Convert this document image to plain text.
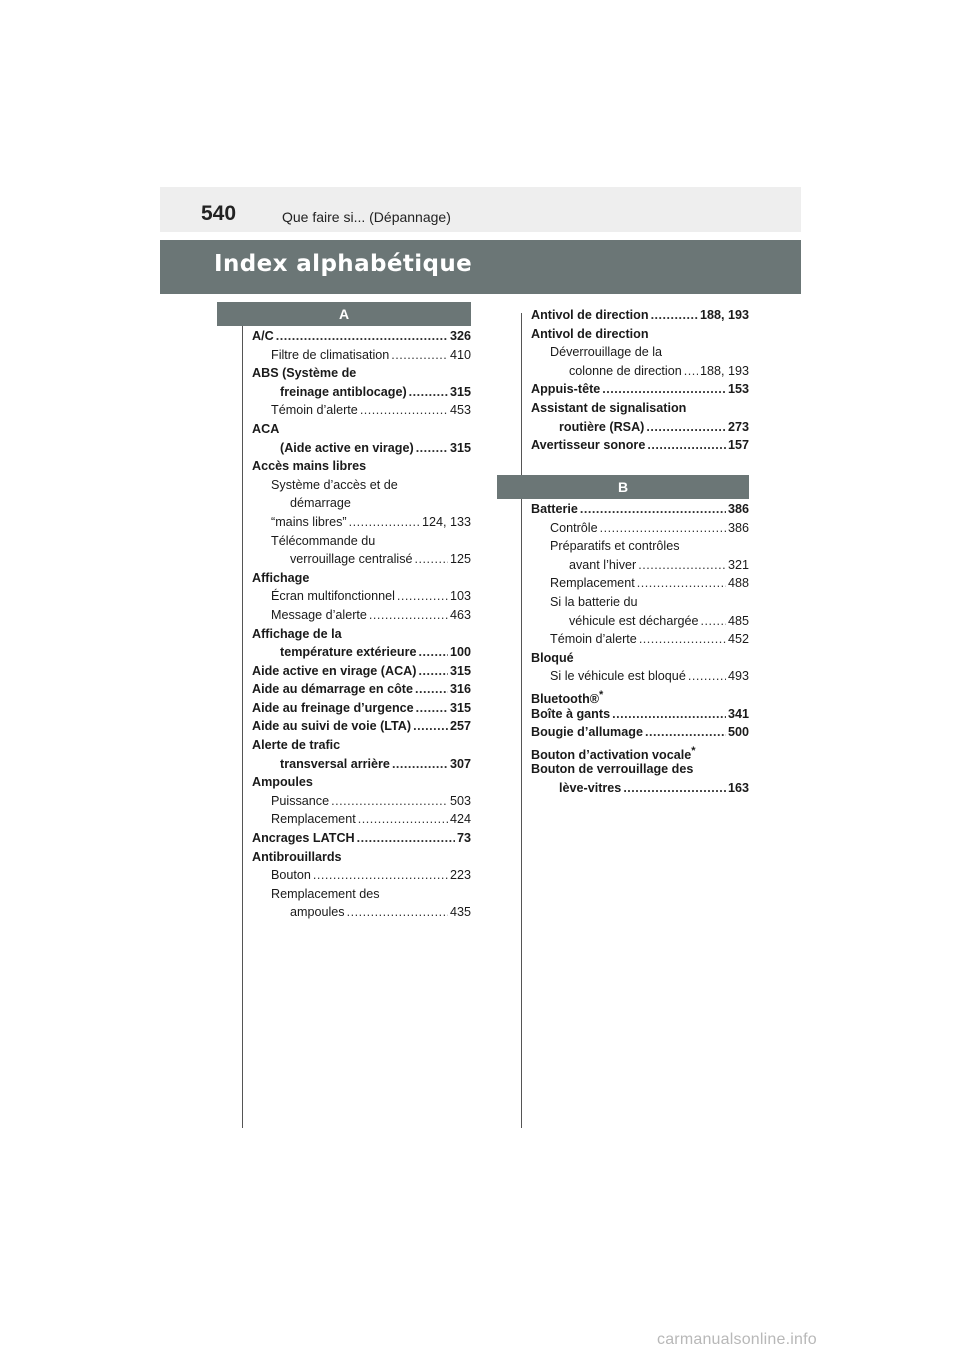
540	Que faire si... (Dépannage)
Index alphabétique
A
B
A/C .....	326
Filtre de climatisation .....	410
ABS (Système de
freinage antiblocage) .....	315
Témoin d’alerte .....	453
ACA
(Aide active en virage) .....	315
Accès mains libres
Système d’accès et de
démarrage
“mains libres” .....	124, 133
Télécommande du
verrouillage centralisé .....	125
Affichage
Écran multifonctionnel .....	103
Message d’alerte .....	463
Affichage de la
température extérieure .....	100
Aide active en virage (ACA) .....	315
Aide au démarrage en côte .....	316
Aide au freinage d’urgence .....	315
Aide au suivi de voie (LTA) .....	257
Alerte de trafic
transversal arrière .....	307
Ampoules
Puissance .....	503
Remplacement .....	424
Ancrages LATCH .....	73
Antibrouillards
Bouton .....	223
Remplacement des
ampoules .....	435
Antivol de direction .....	188, 193
Antivol de direction
Déverrouillage de la
colonne de direction ..... 188, 193
Appuis-tête .....	153
Assistant de signalisation
routière (RSA) .....	273
Avertisseur sonore .....	157
Batterie .....	386
Contrôle .....	386
Préparatifs et contrôles
avant l’hiver .....	321
Remplacement .....	488
Si la batterie du
véhicule est déchargée ..... 485
Témoin d’alerte .....	452
Bloqué
Si le véhicule est bloqué .....	493
Bluetooth®*
Boîte à gants .....	341
Bougie d’allumage .....	500
Bouton d’activation vocale*
Bouton de verrouillage des
lève-vitres .....	163
carmanualsonline.info
